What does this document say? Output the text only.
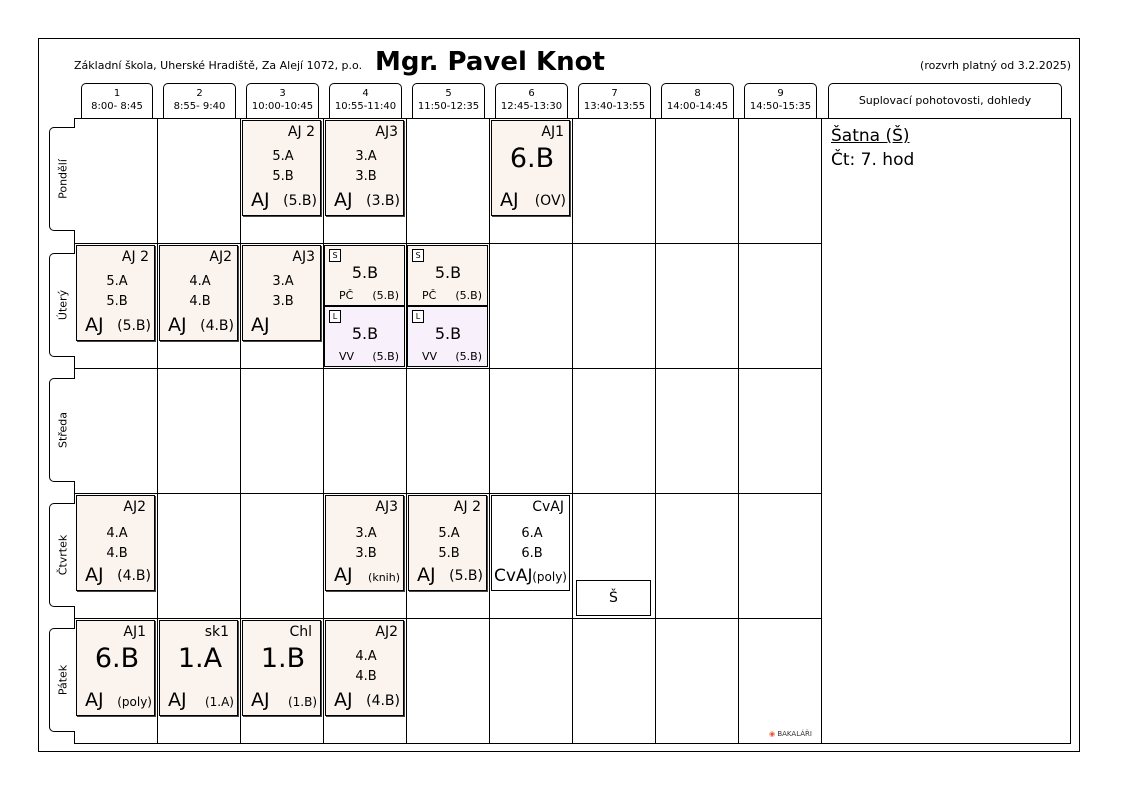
Základní škola, Uherské Hradiště, Za Alejí 1072, p.o. Mgr. Pavel Knot	(rozvrh platný od 3.2.2025)
1
8:00- 8:45
2
8:55- 9:40
3
10:00-10:45
4
10:55-11:40
5
11:50-12:35
6
12:45-13:30
7
13:40-13:55
8
14:00-14:45
9
14:50-15:35	Suplovací pohotovosti, dohledy
Šatna (Š)
Čt: 7. hod
Pondělí
Úterý
Středa
Čtvrtek
Pátek
AJ 2
5.A
5.B
AJ (5.B)
AJ3
3.A
3.B
AJ (3.B)
AJ1
6.B
AJ (OV)
AJ 2
5.A
5.B
AJ (5.B)
AJ2
4.A
4.B
AJ (4.B)
AJ3
3.A
3.B
AJ
S
5.B
PČ (5.B)
L
5.B
VV (5.B)
S
5.B
PČ (5.B)
L
5.B
VV (5.B)
AJ2
4.A
4.B
AJ (4.B)
AJ3
3.A
3.B
AJ (knih)
AJ 2
5.A
5.B
AJ (5.B)
CvAJ
6.A
6.B
CvAJ (poly)
Š
AJ1
6.B
AJ (poly)
sk1
1.A
AJ (1.A)
Chl
1.B
AJ (1.B)
AJ2
4.A
4.B
AJ (4.B)
◉ BAKALÁŘI
